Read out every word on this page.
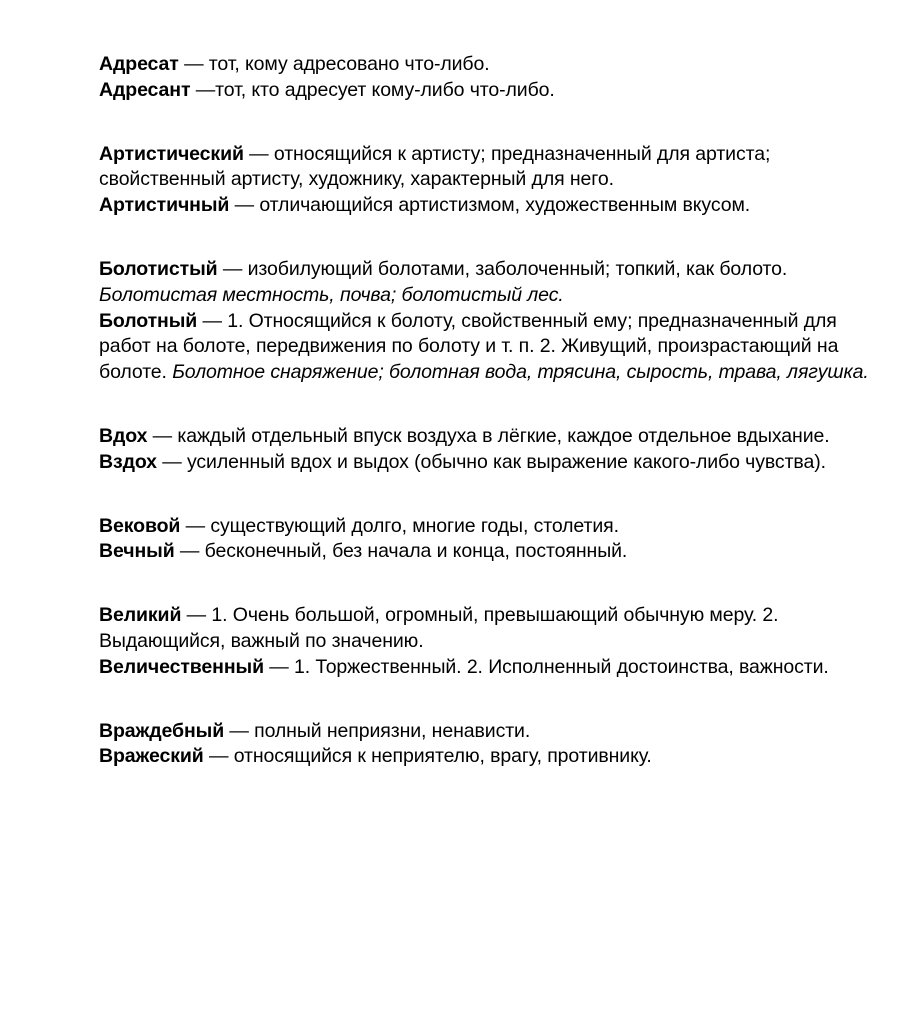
Адресат — тот, кому адресовано что-либо.

Адресант —тот, кто адресует кому-либо что-либо.

Артистический — относящийся к артисту; предназначенный для артиста; свойственный артисту, художнику, характерный для него.

Артистичный — отличающийся артистизмом, художественным вкусом.

Болотистый — изобилующий болотами, заболоченный; топкий, как болото. Болотистая местность, почва; болотистый лес.

Болотный — 1. Относящийся к болоту, свойственный ему; предназначенный для работ на болоте, передвижения по болоту и т. п. 2. Живущий, произрастающий на болоте. Болотное снаряжение; болотная вода, трясина, сырость, трава, лягушка.

Вдох — каждый отдельный впуск воздуха в лёгкие, каждое отдельное вдыхание.

Вздох — усиленный вдох и выдох (обычно как выражение какого-либо чувства).

Вековой — существующий долго, многие годы, столетия.

Вечный — бесконечный, без начала и конца, постоянный.

Великий — 1. Очень большой, огромный, превышающий обычную меру. 2. Выдающийся, важный по значению.

Величественный — 1. Торжественный. 2. Исполненный достоинства, важности.

Враждебный — полный неприязни, ненависти.

Вражеский — относящийся к неприятелю, врагу, противнику.
